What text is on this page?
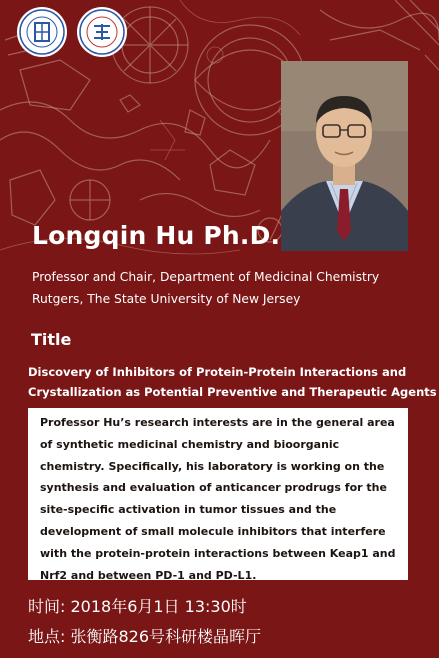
Longqin Hu Ph.D.
Professor and Chair, Department of Medicinal Chemistry
Rutgers, The State University of New Jersey
Title
Discovery of Inhibitors of Protein-Protein Interactions and
Crystallization as Potential Preventive and Therapeutic Agents

Professor Hu’s research interests are in the general area of synthetic medicinal chemistry and bioorganic chemistry. Specifically, his laboratory is working on the synthesis and evaluation of anticancer prodrugs for the site-specific activation in tumor tissues and the development of small molecule inhibitors that interfere with the protein-protein interactions between Keap1 and Nrf2 and between PD-1 and PD-L1.

时间: 2018年6月1日 13:30时
地点: 张衡路826号科研楼晶晖厅
